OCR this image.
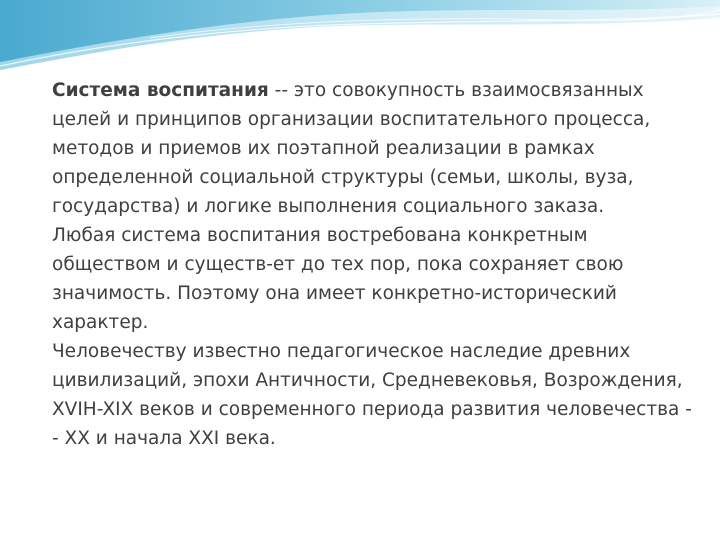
Система воспитания -- это совокупность взаимосвязанных целей и принципов организации воспитательного процесса, методов и приемов их поэтапной реализации в рамках определенной социальной структуры (семьи, школы, вуза, государства) и логике выполнения социального заказа.

Любая система воспитания востребована конкретным обществом и существ-ет до тех пор, пока сохраняет свою значимость. Поэтому она имеет конкретно-исторический характер.

Человечеству известно педагогическое наследие древних цивилизаций, эпохи Античности, Средневековья, Возрождения, XVIH-XIX веков и современного периода развития человечества -- XX и начала XXI века.
